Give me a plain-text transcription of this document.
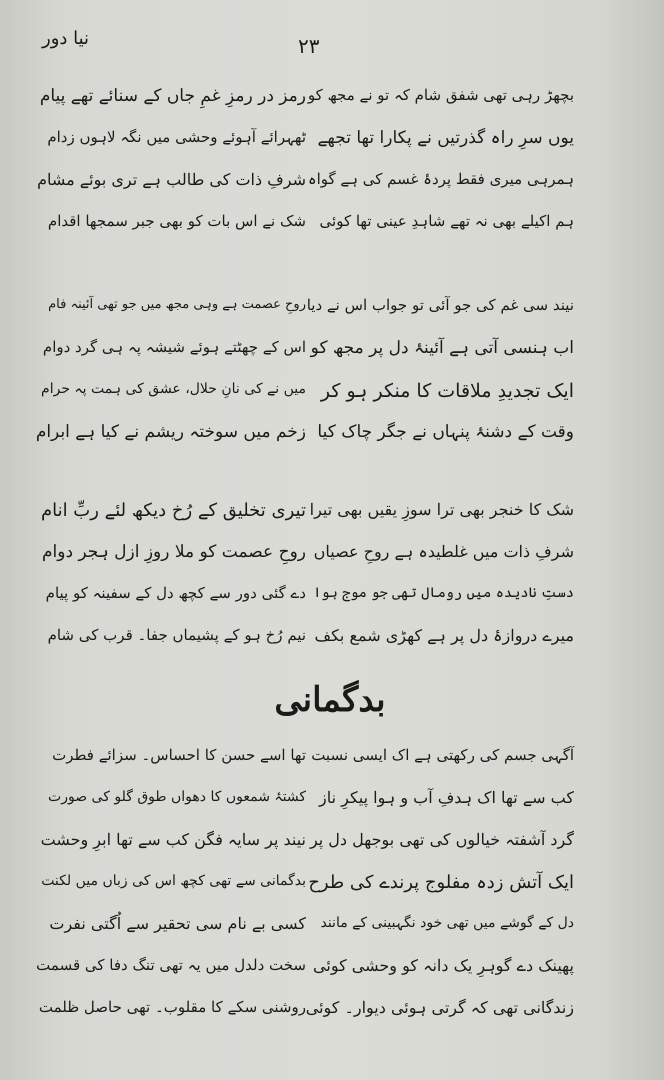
نیا دور	۲۳
بچھڑ رہی تھی شفق شام کہ تو نے مجھ کو
یوں سرِ راہ گذرتیں نے پکارا تھا تجھے
ہمرہی میری فقط پردۂ غسم کی ہے گواہ
ہم اکیلے بھی نہ تھے شاہدِ عینی تھا کوئی
رمز در رمزِ غمِ جاں کے سنائے تھے پیام
ٹھہرائے آہوئے وحشی میں نگہ لاہوں زدام
شرفِ ذات کی طالب ہے تری بوئے مشام
شک نے اس بات کو بھی جبر سمجھا اقدام
نیند سی غم کی جو آئی تو جواب اس نے دیا
اب ہنسی آتی ہے آئینۂ دل پر مجھ کو
ایک تجدیدِ ملاقات کا منکر ہو کر
وقت کے دشنۂ پنہاں نے جگر چاک کیا
روحِ عصمت ہے وہی مجھ میں جو تھی آئینہ فام
اس کے چھٹتے ہوئے شیشہ پہ ہی گرد دوام
میں نے کی نانِ حلال، عشق کی ہمت پہ حرام
زخم میں سوختہ ریشم نے کیا ہے ابرام
شک کا خنجر بھی ترا سوزِ یقیں بھی تیرا
شرفِ ذات میں غلطیدہ ہے روحِ عصیاں
دستِ نادیدہ میں رومال تھی جو موج ہوا
میرے دروازۂ دل پر ہے کھڑی شمع بکف
تیری تخلیق کے رُخ دیکھ لئے ربِّ انام
روحِ عصمت کو ملا روزِ ازل ہجر دوام
دے گئی دور سے کچھ دل کے سفینہ کو پیام
نیم رُخ ہو کے پشیماں جفا۔ قرب کی شام
بدگمانی
آگہی جسم کی رکھتی ہے اک ایسی نسبت
کب سے تھا اک ہدفِ آب و ہوا پیکرِ ناز
گرد آشفتہ خیالوں کی تھی بوجھل دل پر
ایک آتش زدہ مفلوج پرندے کی طرح
دل کے گوشے میں تھی خود نگہبینی کے مانند
پھینک دے گوہرِ یک دانہ کو وحشی کوئی
زندگانی تھی کہ گرتی ہوئی دیوار۔ کوئی
تھا اسے حسن کا احساس۔ سزائے فطرت
کشتۂ شمعوں کا دھواں طوق گلو کی صورت
نیند پر سایہ فگن کب سے تھا ابرِ وحشت
بدگمانی سے تھی کچھ اس کی زباں میں لکنت
کسی بے نام سی تحقیر سے اُگتی نفرت
سخت دلدل میں یہ تھی تنگ دفا کی قسمت
روشنی سکے کا مقلوب۔ تھی حاصل ظلمت
